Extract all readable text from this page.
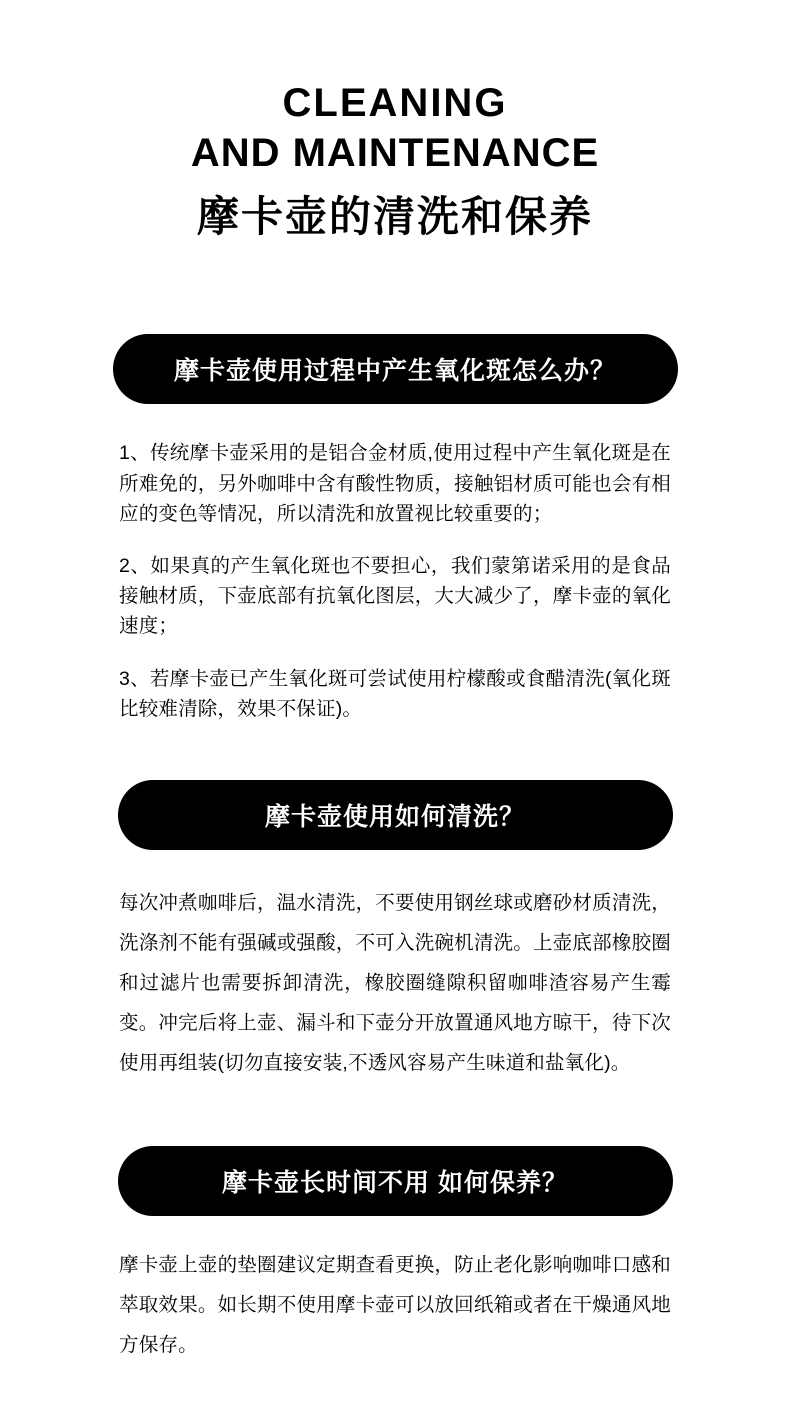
CLEANING
AND MAINTENANCE
摩卡壶的清洗和保养
摩卡壶使用过程中产生氧化斑怎么办？

1、传统摩卡壶采用的是铝合金材质,使用过程中产生氧化斑是在所难免的，另外咖啡中含有酸性物质，接触铝材质可能也会有相应的变色等情况，所以清洗和放置视比较重要的；

2、如果真的产生氧化斑也不要担心，我们蒙第诺采用的是食品接触材质，下壶底部有抗氧化图层，大大减少了，摩卡壶的氧化速度；

3、若摩卡壶已产生氧化斑可尝试使用柠檬酸或食醋清洗(氧化斑比较难清除，效果不保证)。

摩卡壶使用如何清洗？

每次冲煮咖啡后，温水清洗，不要使用钢丝球或磨砂材质清洗，洗涤剂不能有强碱或强酸，不可入洗碗机清洗。上壶底部橡胶圈和过滤片也需要拆卸清洗，橡胶圈缝隙积留咖啡渣容易产生霉变。冲完后将上壶、漏斗和下壶分开放置通风地方晾干，待下次使用再组装(切勿直接安装,不透风容易产生味道和盐氧化)。

摩卡壶长时间不用 如何保养？

摩卡壶上壶的垫圈建议定期查看更换，防止老化影响咖啡口感和萃取效果。如长期不使用摩卡壶可以放回纸箱或者在干燥通风地方保存。
